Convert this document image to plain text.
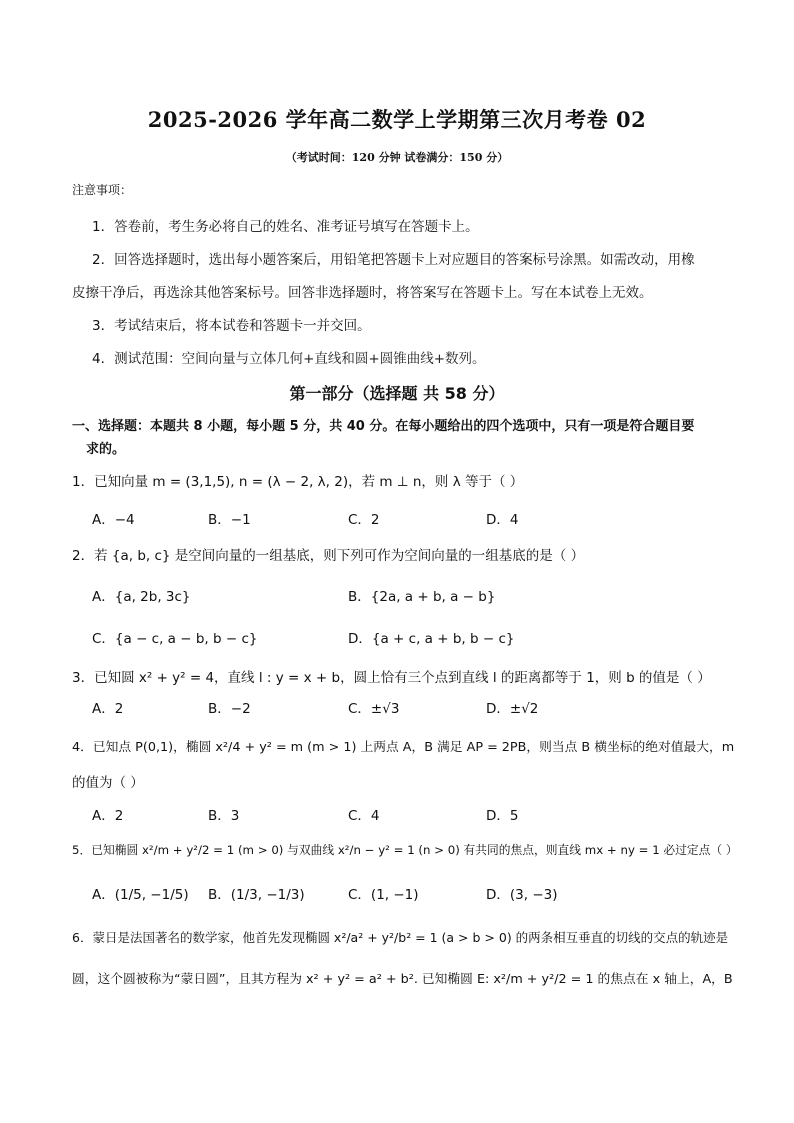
2025-2026 学年高二数学上学期第三次月考卷 02
（考试时间：120 分钟 试卷满分：150 分）
注意事项：
1．答卷前，考生务必将自己的姓名、准考证号填写在答题卡上。
2．回答选择题时，选出每小题答案后，用铅笔把答题卡上对应题目的答案标号涂黑。如需改动，用橡
皮擦干净后，再选涂其他答案标号。回答非选择题时，将答案写在答题卡上。写在本试卷上无效。
3．考试结束后，将本试卷和答题卡一并交回。
4．测试范围：空间向量与立体几何+直线和圆+圆锥曲线+数列。
第一部分（选择题 共 58 分）
一、选择题：本题共 8 小题，每小题 5 分，共 40 分。在每小题给出的四个选项中，只有一项是符合题目要
求的。
1．已知向量 m = (3,1,5), n = (λ − 2, λ, 2)，若 m ⊥ n，则 λ 等于（ ）
A．−4	B．−1	C．2	D．4
2．若 {a, b, c} 是空间向量的一组基底，则下列可作为空间向量的一组基底的是（ ）
A．{a, 2b, 3c}	B．{2a, a + b, a − b}
C．{a − c, a − b, b − c}	D．{a + c, a + b, b − c}
3．已知圆 x² + y² = 4，直线 l : y = x + b，圆上恰有三个点到直线 l 的距离都等于 1，则 b 的值是（ ）
A．2	B．−2	C．±√3	D．±√2
4．已知点 P(0,1)，椭圆 x²/4 + y² = m (m > 1) 上两点 A，B 满足 AP = 2PB，则当点 B 横坐标的绝对值最大，m
的值为（ ）
A．2	B．3	C．4	D．5
5．已知椭圆 x²/m + y²/2 = 1 (m > 0) 与双曲线 x²/n − y² = 1 (n > 0) 有共同的焦点，则直线 mx + ny = 1 必过定点（ ）
A．(1/5, −1/5) B．(1/3, −1/3)	C．(1, −1)	D．(3, −3)
6．蒙日是法国著名的数学家，他首先发现椭圆 x²/a² + y²/b² = 1 (a > b > 0) 的两条相互垂直的切线的交点的轨迹是
圆，这个圆被称为“蒙日圆”，且其方程为 x² + y² = a² + b². 已知椭圆 E: x²/m + y²/2 = 1 的焦点在 x 轴上，A，B
